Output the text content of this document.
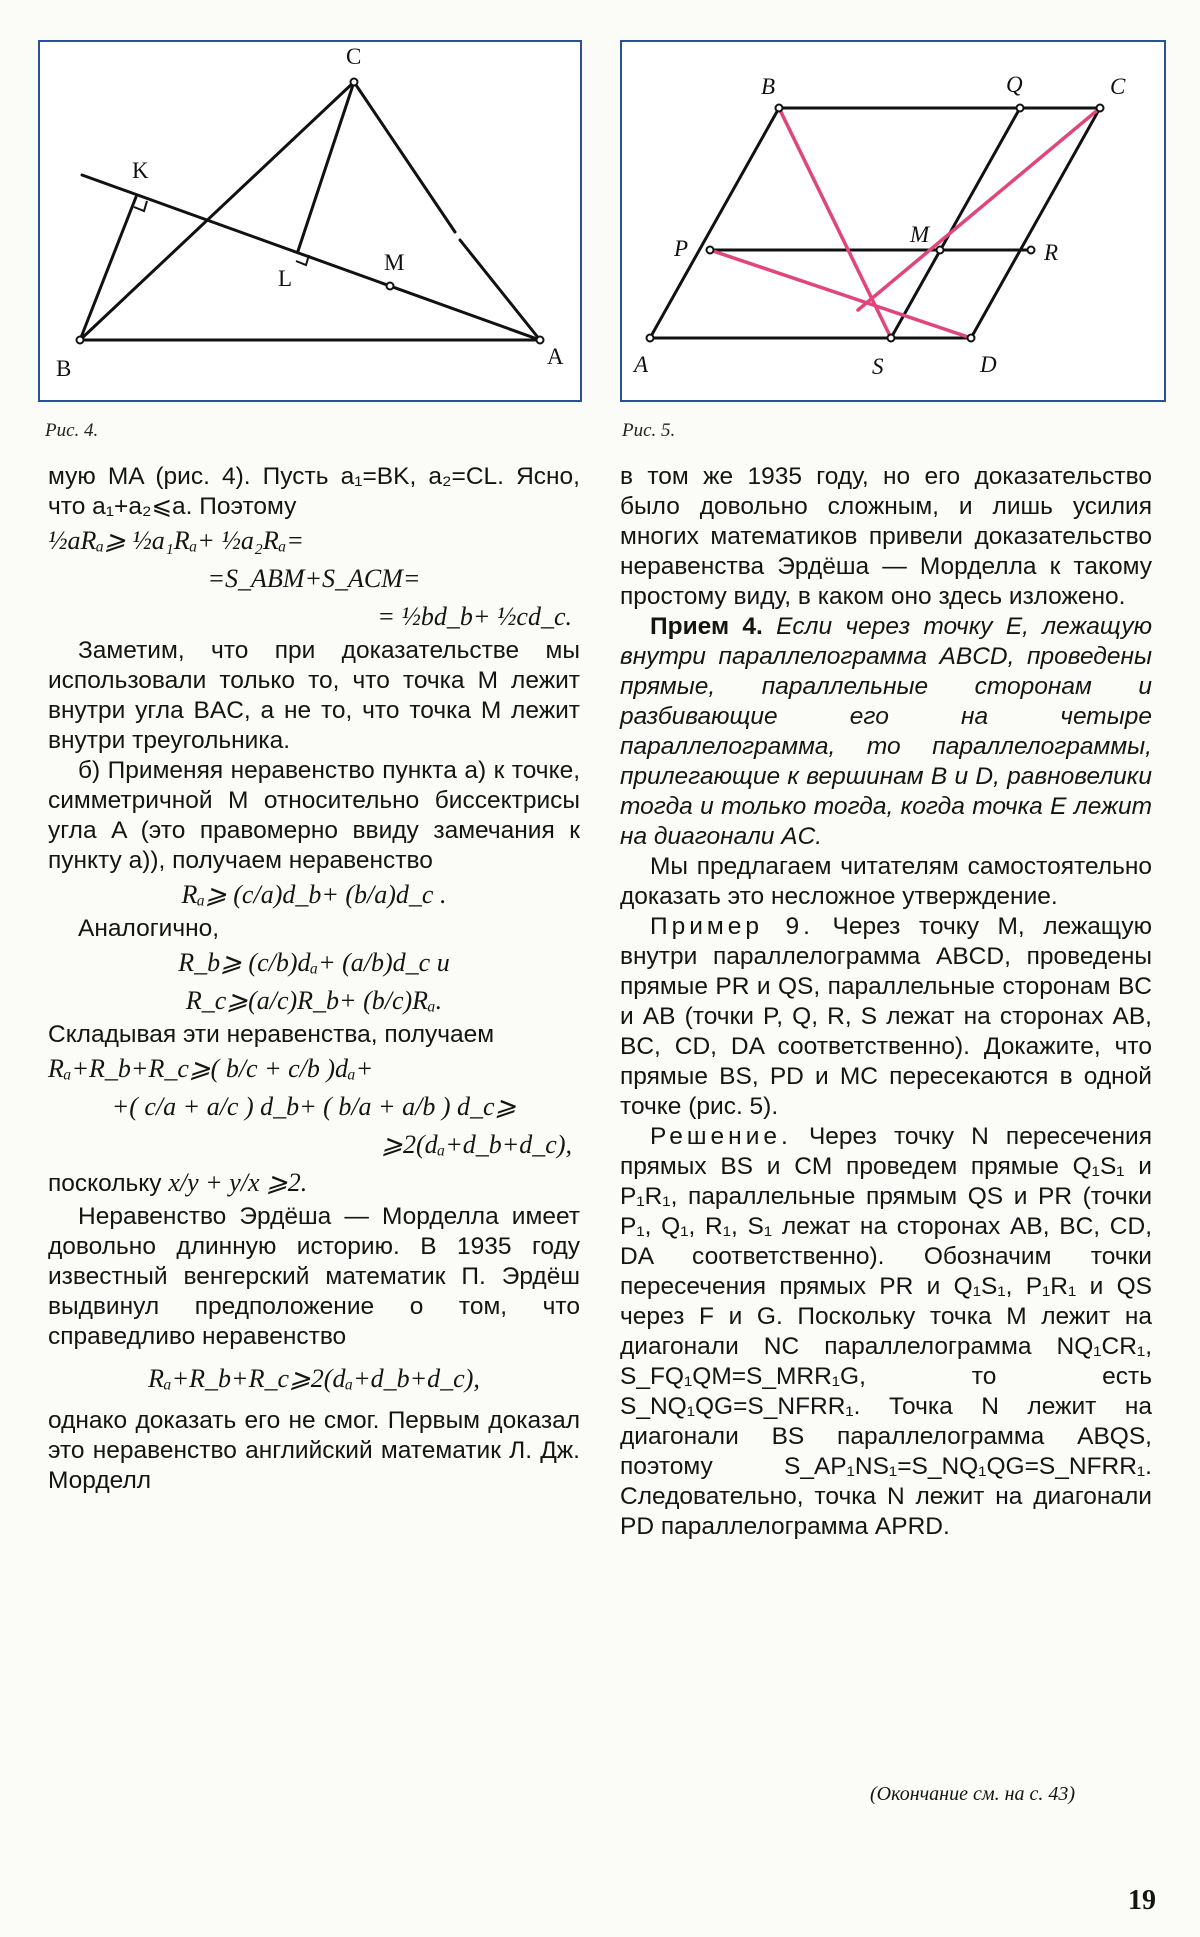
C
K
L
M
B	A
Рис. 4.
B	Q	C
P
M
R
A	S	D
Рис. 5.

мую MA (рис. 4). Пусть a₁=BK, a₂=CL. Ясно, что a₁+a₂⩽a. Поэтому

½aRₐ⩾ ½a₁Rₐ+ ½a₂Rₐ=
=S_ABM+S_ACM=
= ½bd_b+ ½cd_c.

Заметим, что при доказательстве мы использовали только то, что точка M лежит внутри угла BAC, а не то, что точка M лежит внутри треугольника.

б) Применяя неравенство пункта а) к точке, симметричной M относительно биссектрисы угла A (это правомерно ввиду замечания к пункту а)), получаем неравенство

Rₐ⩾ (c/a)d_b+ (b/a)d_c .

Аналогично,

R_b⩾ (c/b)dₐ+ (a/b)d_c и
R_c⩾(a/c)R_b+ (b/c)Rₐ.

Складывая эти неравенства, получаем

Rₐ+R_b+R_c⩾( b/c + c/b )dₐ+
+( c/a + a/c ) d_b+ ( b/a + a/b ) d_c⩾
⩾2(dₐ+d_b+d_c),

поскольку x/y + y/x ⩾2.

Неравенство Эрдёша — Морделла имеет довольно длинную историю. В 1935 году известный венгерский математик П. Эрдёш выдвинул предположение о том, что справедливо неравенство

Rₐ+R_b+R_c⩾2(dₐ+d_b+d_c),

однако доказать его не смог. Первым доказал это неравенство английский математик Л. Дж. Морделл

в том же 1935 году, но его доказательство было довольно сложным, и лишь усилия многих математиков привели доказательство неравенства Эрдёша — Морделла к такому простому виду, в каком оно здесь изложено.

Прием 4. Если через точку E, лежащую внутри параллелограмма ABCD, проведены прямые, параллельные сторонам и разбивающие его на четыре параллелограмма, то параллелограммы, прилегающие к вершинам B и D, равновелики тогда и только тогда, когда точка E лежит на диагонали AC.

Мы предлагаем читателям самостоятельно доказать это несложное утверждение.

Пример 9. Через точку M, лежащую внутри параллелограмма ABCD, проведены прямые PR и QS, параллельные сторонам BC и AB (точки P, Q, R, S лежат на сторонах AB, BC, CD, DA соответственно). Докажите, что прямые BS, PD и MC пересекаются в одной точке (рис. 5).

Решение. Через точку N пересечения прямых BS и CM проведем прямые Q₁S₁ и P₁R₁, параллельные прямым QS и PR (точки P₁, Q₁, R₁, S₁ лежат на сторонах AB, BC, CD, DA соответственно). Обозначим точки пересечения прямых PR и Q₁S₁, P₁R₁ и QS через F и G. Поскольку точка M лежит на диагонали NC параллелограмма NQ₁CR₁, S_FQ₁QM=S_MRR₁G, то есть S_NQ₁QG=S_NFRR₁. Точка N лежит на диагонали BS параллелограмма ABQS, поэтому S_AP₁NS₁=S_NQ₁QG=S_NFRR₁. Следовательно, точка N лежит на диагонали PD параллелограмма APRD.

(Окончание см. на с. 43)
19
